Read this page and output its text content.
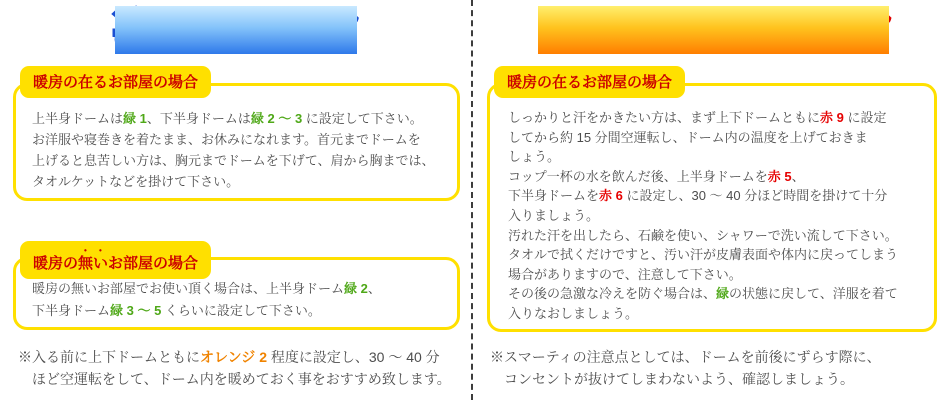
暖房の在るお部屋の場合

上半身ドームは緑 1、下半身ドームは緑 2 ～ 3 に設定して下さい。
お洋服や寝巻きを着たまま、お休みになれます。首元までドームを
上げると息苦しい方は、胸元までドームを下げて、肩から胸までは、
タオルケットなどを掛けて下さい。

暖房の無いお部屋の場合

暖房の無いお部屋でお使い頂く場合は、上半身ドーム緑 2、
下半身ドーム緑 3 ～ 5 くらいに設定して下さい。

※入る前に上下ドームともにオレンジ 2 程度に設定し、30 ～ 40 分
ほど空運転をして、ドーム内を暖めておく事をおすすめ致します。
暖房の在るお部屋の場合

しっかりと汗をかきたい方は、まず上下ドームともに赤 9 に設定
してから約 15 分間空運転し、ドーム内の温度を上げておきま
しょう。
コップ一杯の水を飲んだ後、上半身ドームを赤 5、
下半身ドームを赤 6 に設定し、30 ～ 40 分ほど時間を掛けて十分
入りましょう。
汚れた汗を出したら、石鹸を使い、シャワーで洗い流して下さい。
タオルで拭くだけですと、汚い汗が皮膚表面や体内に戻ってしまう
場合がありますので、注意して下さい。
その後の急激な冷えを防ぐ場合は、緑の状態に戻して、洋服を着て
入りなおしましょう。

※スマーティの注意点としては、ドームを前後にずらす際に、
コンセントが抜けてしまわないよう、確認しましょう。
